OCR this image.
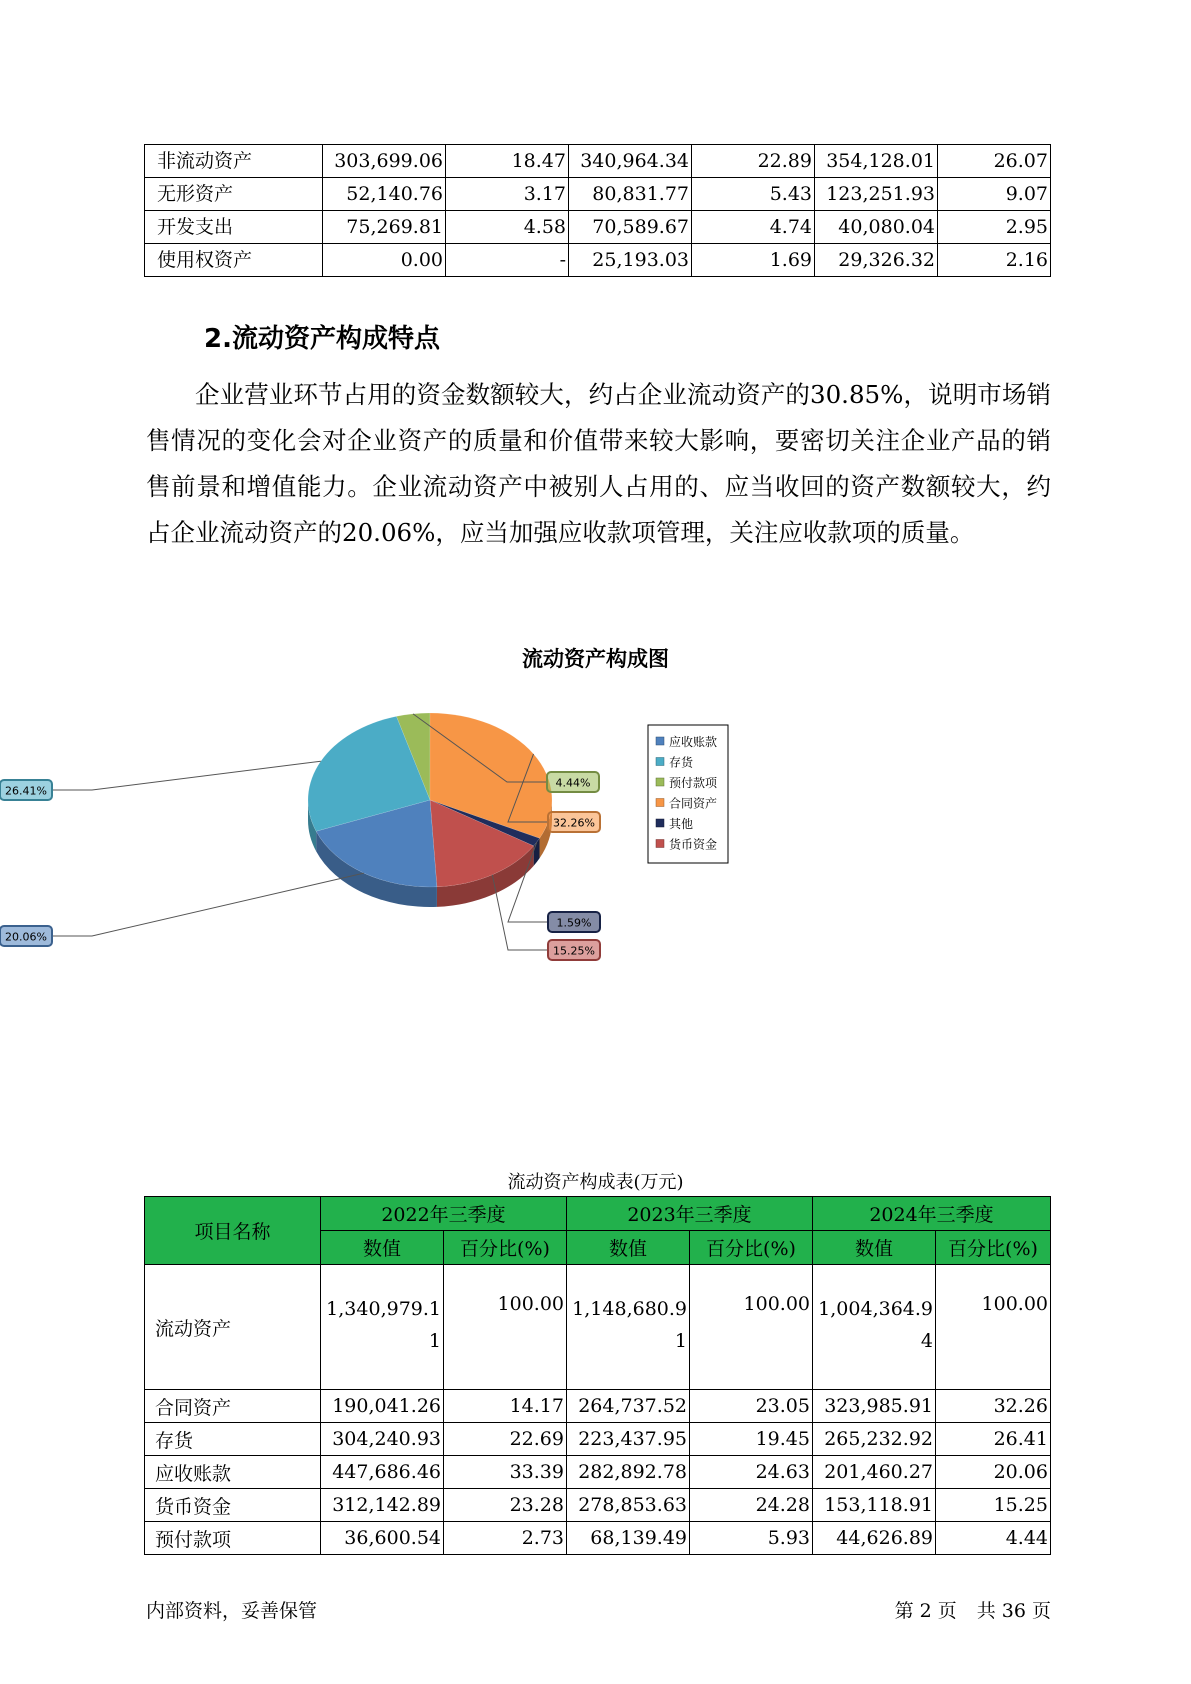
非流动资产	303,699.06	18.47	340,964.34	22.89	354,128.01	26.07
无形资产	52,140.76	3.17	80,831.77	5.43	123,251.93	9.07
开发支出	75,269.81	4.58	70,589.67	4.74	40,080.04	2.95
使用权资产	0.00	-	25,193.03	1.69	29,326.32	2.16
2.流动资产构成特点

企业营业环节占用的资金数额较大，约占企业流动资产的30.85%，说明市场销售情况的变化会对企业资产的质量和价值带来较大影响，要密切关注企业产品的销售前景和增值能力。企业流动资产中被别人占用的、应当收回的资产数额较大，约占企业流动资产的20.06%，应当加强应收款项管理，关注应收款项的质量。

流动资产构成图
20.06%
26.41%
4.44%
32.26%
1.59%
15.25%
应收账款
存货
预付款项
合同资产
其他
货币资金
流动资产构成表(万元)
项目名称	2022年三季度		2023年三季度		2024年三季度	
	数值	百分比(%)	数值	百分比(%)	数值	百分比(%)
流动资产	1,340,979.11	100.00	1,148,680.91	100.00	1,004,364.94	100.00
合同资产	190,041.26	14.17	264,737.52	23.05	323,985.91	32.26
存货	304,240.93	22.69	223,437.95	19.45	265,232.92	26.41
应收账款	447,686.46	33.39	282,892.78	24.63	201,460.27	20.06
货币资金	312,142.89	23.28	278,853.63	24.28	153,118.91	15.25
预付款项	36,600.54	2.73	68,139.49	5.93	44,626.89	4.44
内部资料，妥善保管	第 2 页 共 36 页
